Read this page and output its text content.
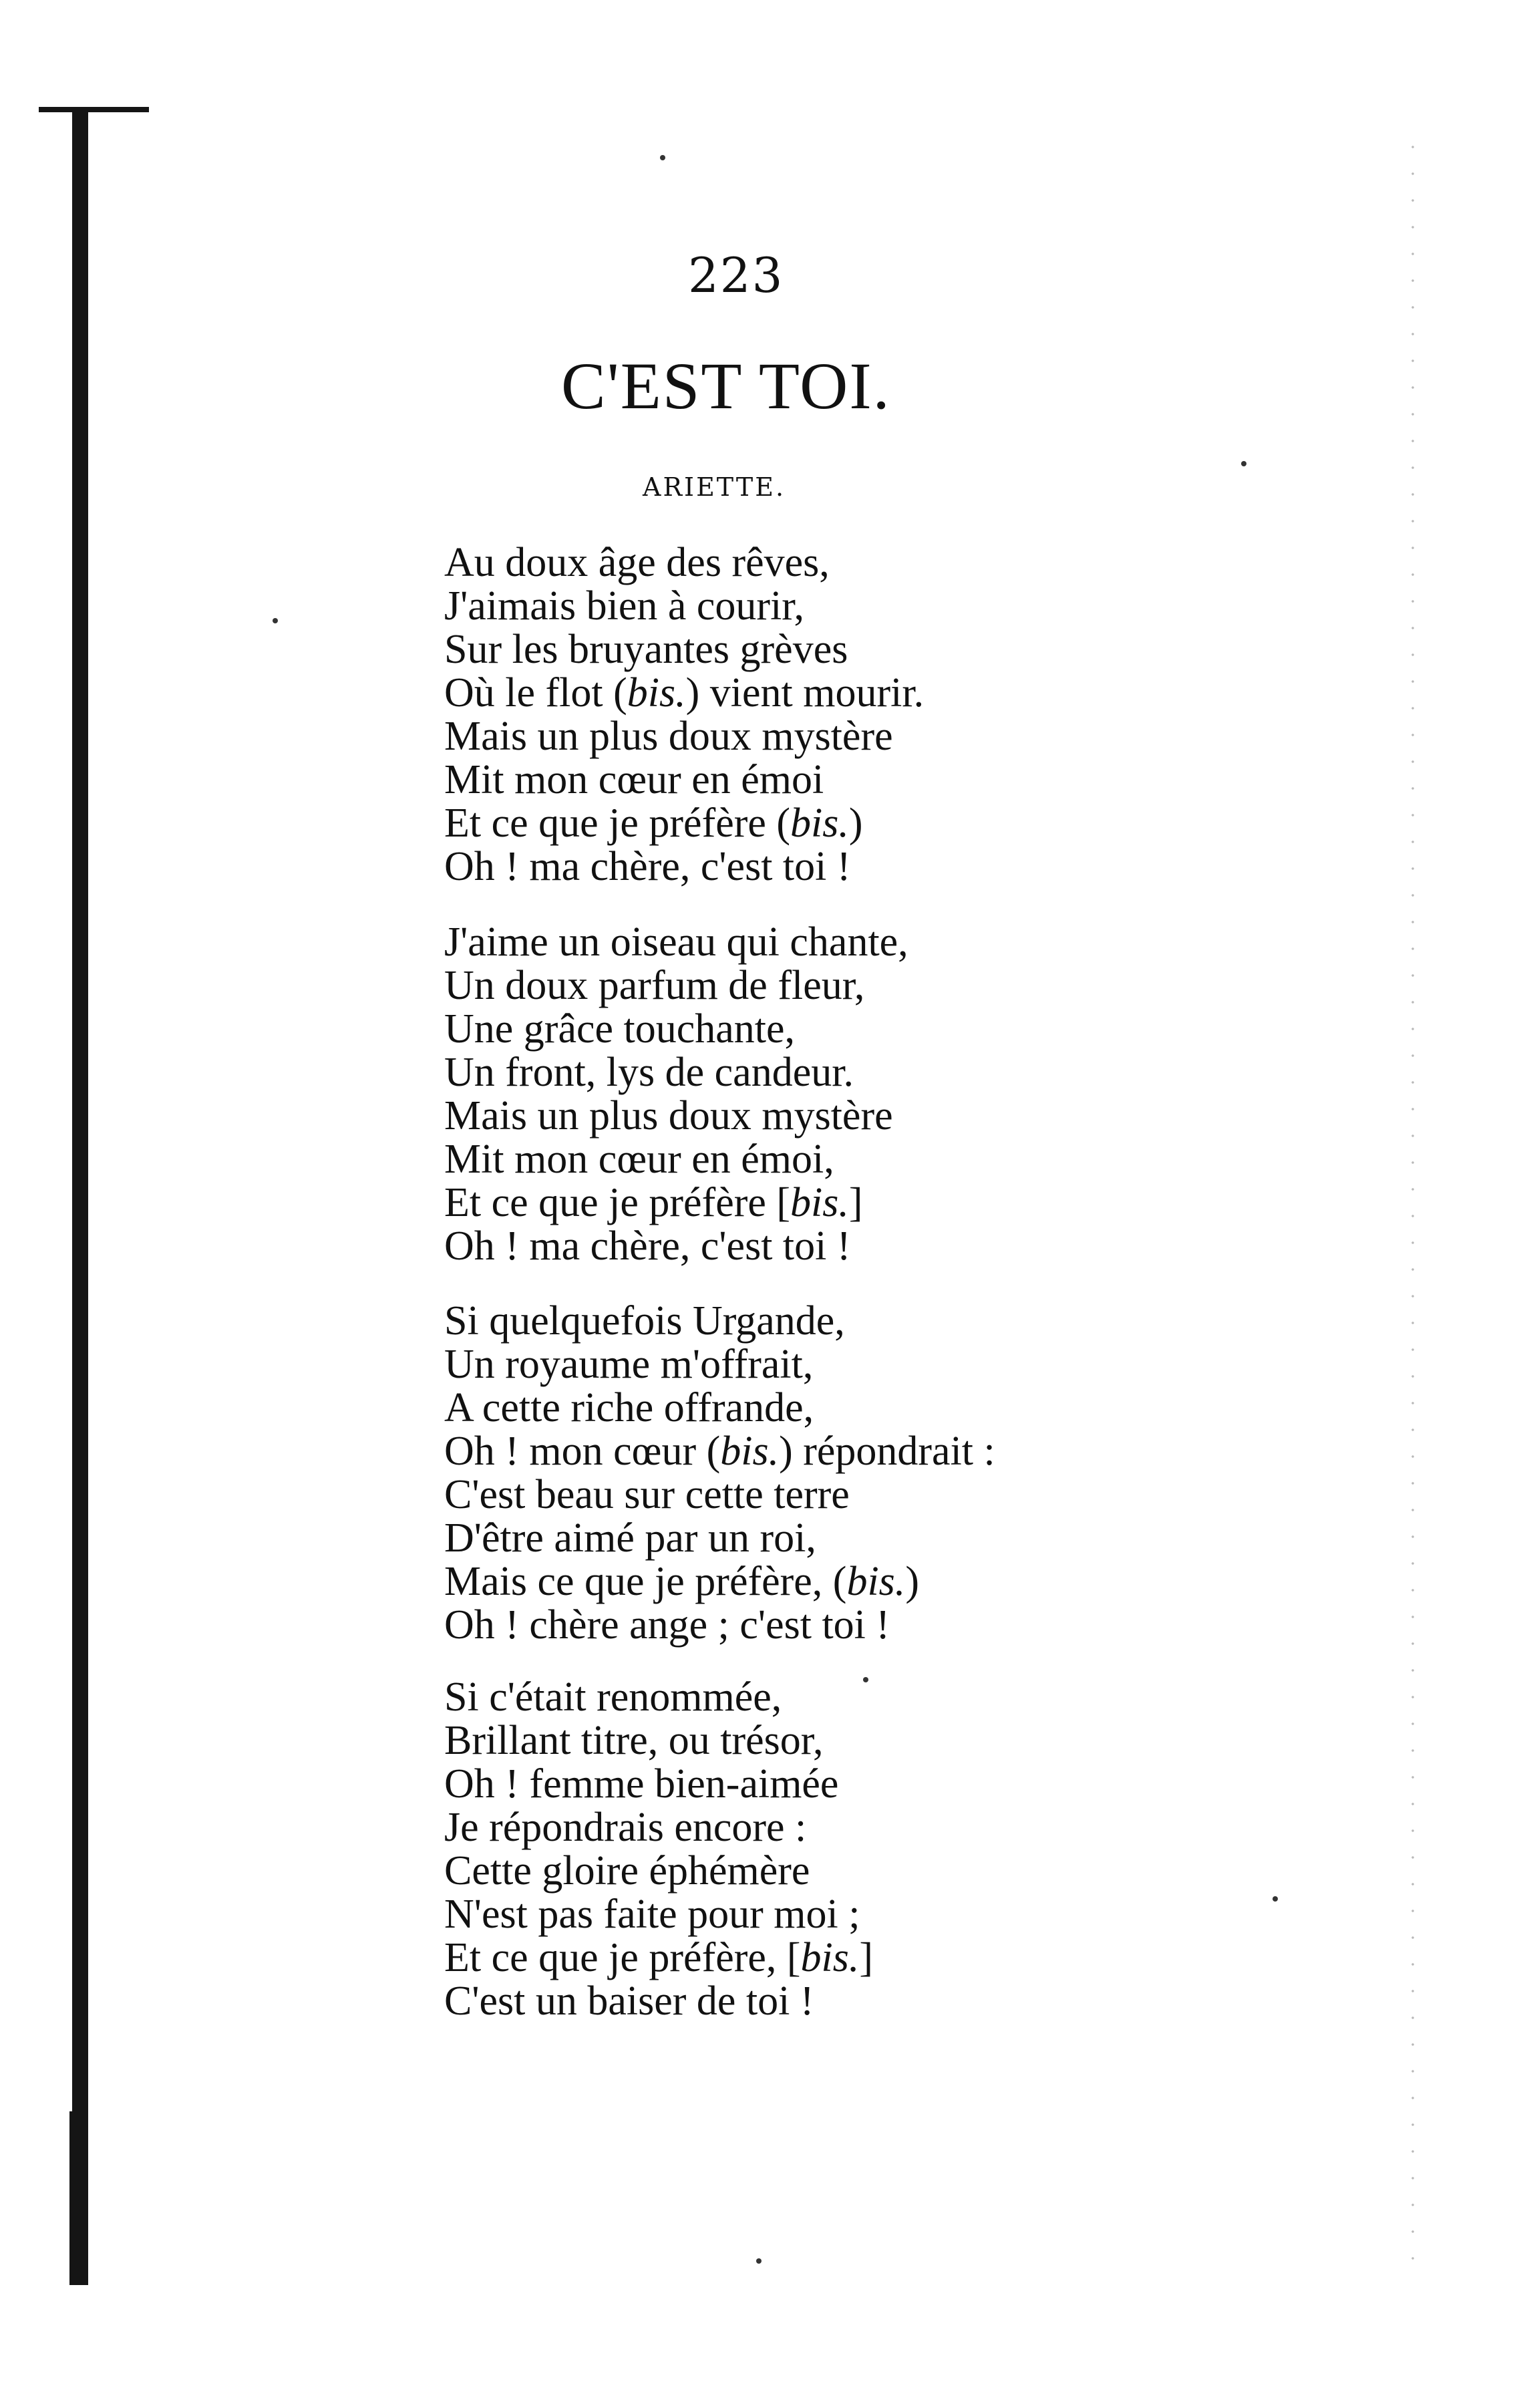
223
C'EST TOI.
ARIETTE.
Au doux âge des rêves,
J'aimais bien à courir,
Sur les bruyantes grèves
Où le flot (bis.) vient mourir.
Mais un plus doux mystère
Mit mon cœur en émoi
Et ce que je préfère (bis.)
Oh ! ma chère, c'est toi !
J'aime un oiseau qui chante,
Un doux parfum de fleur,
Une grâce touchante,
Un front, lys de candeur.
Mais un plus doux mystère
Mit mon cœur en émoi,
Et ce que je préfère [bis.]
Oh ! ma chère, c'est toi !
Si quelquefois Urgande,
Un royaume m'offrait,
A cette riche offrande,
Oh ! mon cœur (bis.) répondrait :
C'est beau sur cette terre
D'être aimé par un roi,
Mais ce que je préfère, (bis.)
Oh ! chère ange ; c'est toi !
Si c'était renommée,
Brillant titre, ou trésor,
Oh ! femme bien-aimée
Je répondrais encore :
Cette gloire éphémère
N'est pas faite pour moi ;
Et ce que je préfère, [bis.]
C'est un baiser de toi !
